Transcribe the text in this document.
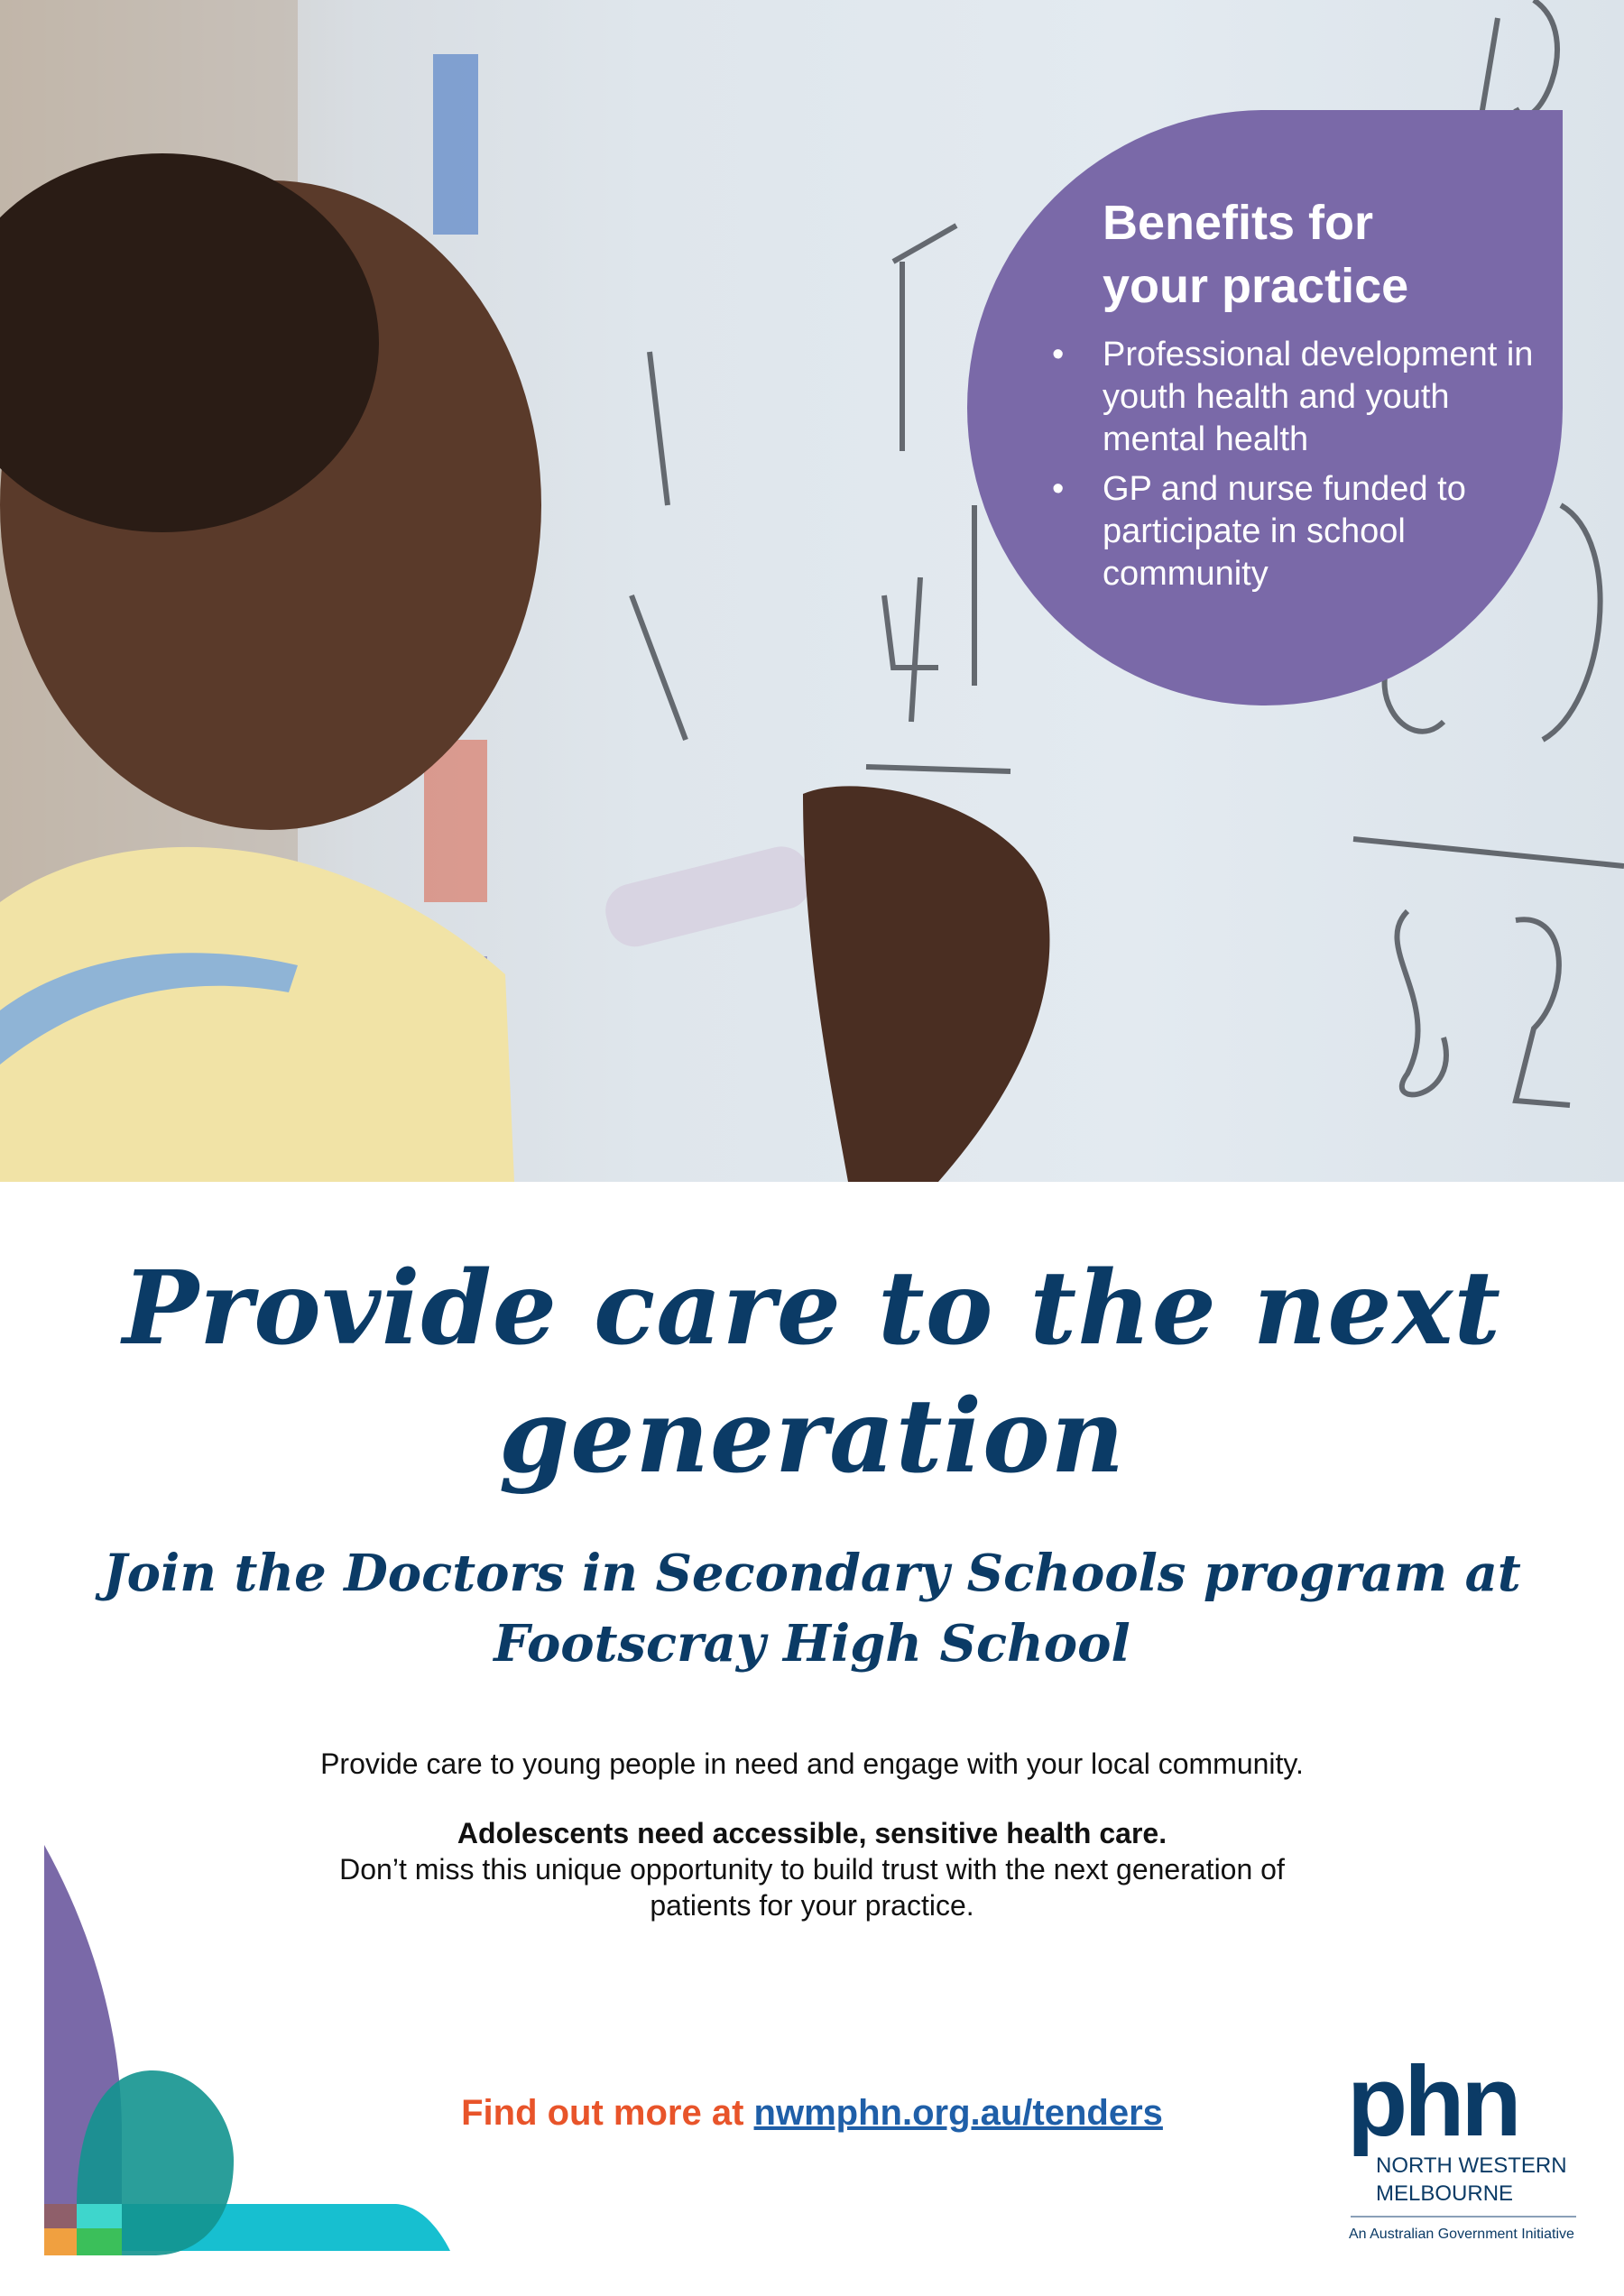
Benefits for
your practice
• Professional development in youth health and youth mental health
• GP and nurse funded to participate in school community
Provide care to the next
generation
Join the Doctors in Secondary Schools program at
Footscray High School

Provide care to young people in need and engage with your local community.

Adolescents need accessible, sensitive health care.
Don’t miss this unique opportunity to build trust with the next generation of
patients for your practice.

Find out more at nwmphn.org.au/tenders	phn
NORTH WESTERN
MELBOURNE
An Australian Government Initiative
